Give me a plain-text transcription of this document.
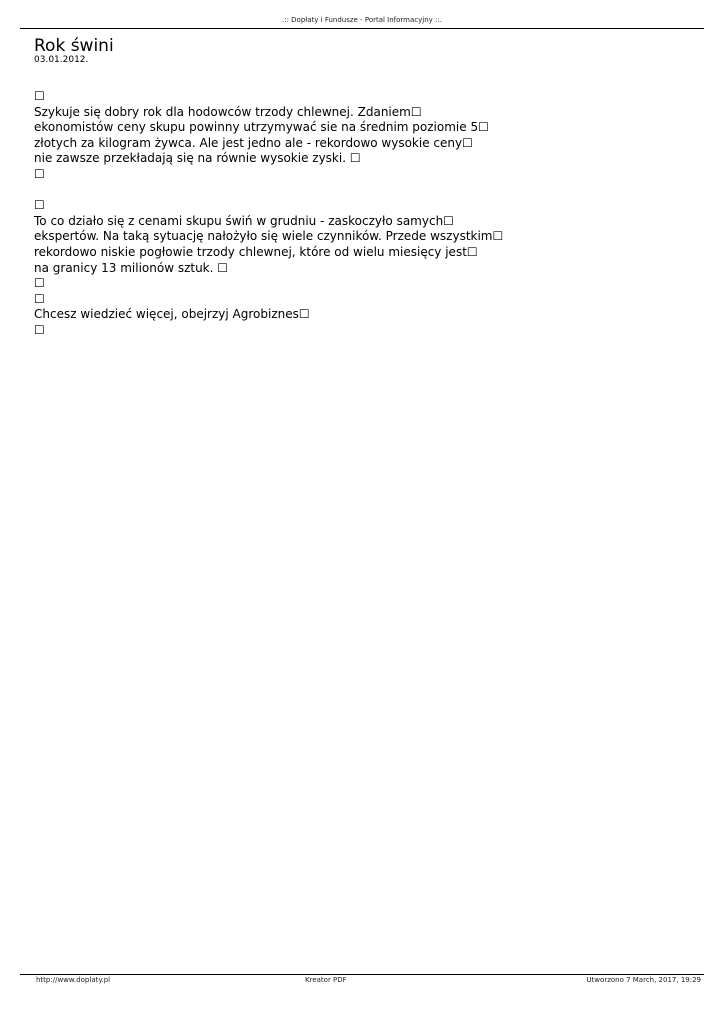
.:: Dopłaty i Fundusze - Portal Informacyjny ::.
Rok świni
03.01.2012.
☐
Szykuje się dobry rok dla hodowców trzody chlewnej. Zdaniem☐
ekonomistów ceny skupu powinny utrzymywać sie na średnim poziomie 5☐
złotych za kilogram żywca. Ale jest jedno ale - rekordowo wysokie ceny☐
nie zawsze przekładają się na równie wysokie zyski. ☐
☐
☐
To co działo się z cenami skupu świń w grudniu - zaskoczyło samych☐
ekspertów. Na taką sytuację nałożyło się wiele czynników. Przede wszystkim☐
rekordowo niskie pogłowie trzody chlewnej, które od wielu miesięcy jest☐
na granicy 13 milionów sztuk. ☐
☐
☐
Chcesz wiedzieć więcej, obejrzyj Agrobiznes☐
☐
http://www.doplaty.pl	Kreator PDF	Utworzono 7 March, 2017, 19:29
